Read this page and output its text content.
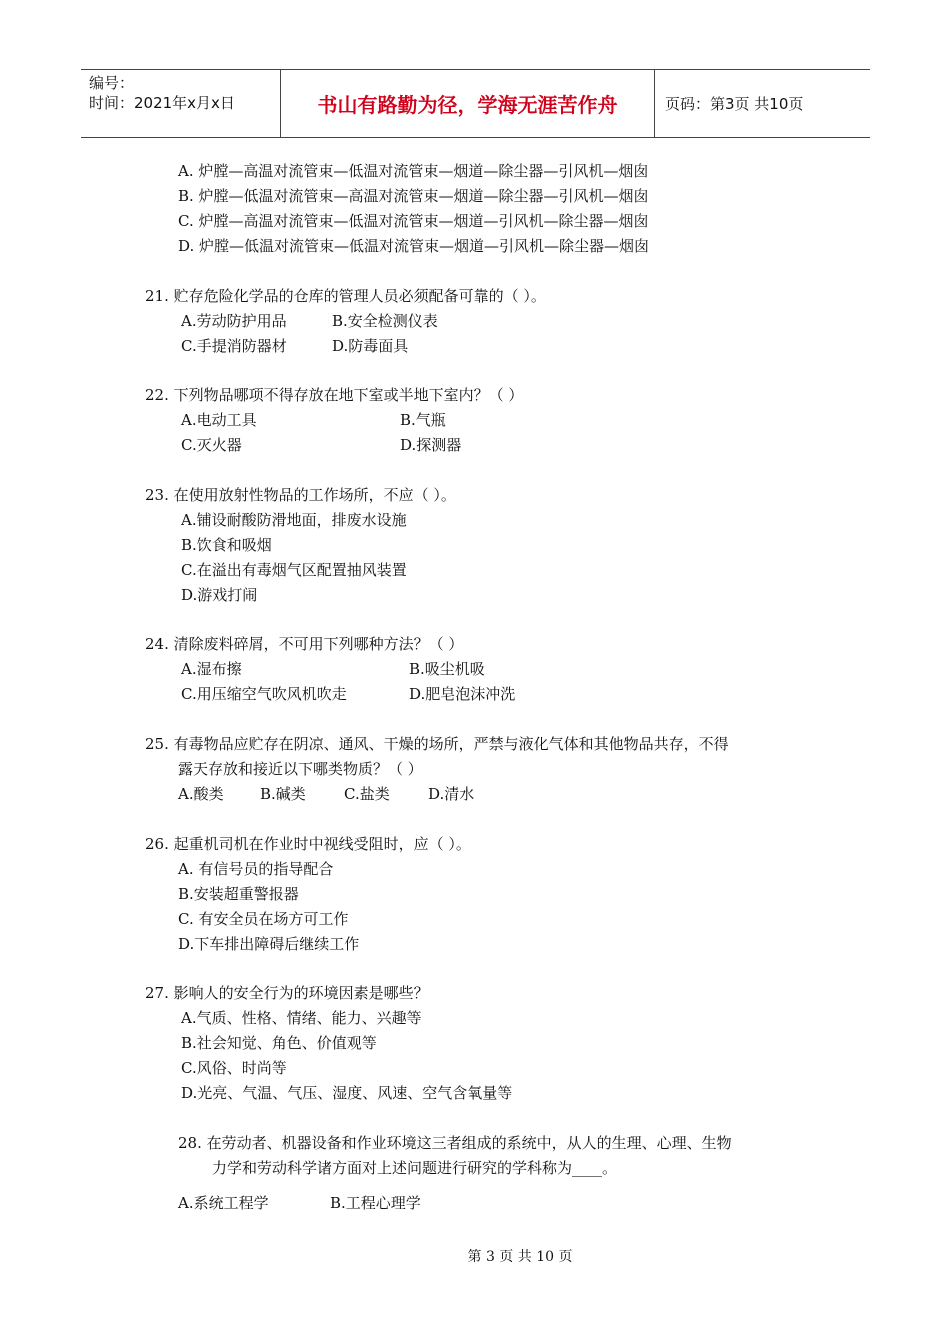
编号：
时间：2021年x月x日	书山有路勤为径，学海无涯苦作舟	页码：第3页 共10页
A. 炉膛—高温对流管束—低温对流管束—烟道—除尘器—引风机—烟囱
B. 炉膛—低温对流管束—高温对流管束—烟道—除尘器—引风机—烟囱
C. 炉膛—高温对流管束—低温对流管束—烟道—引风机—除尘器—烟囱
D. 炉膛—低温对流管束—低温对流管束—烟道—引风机—除尘器—烟囱
21. 贮存危险化学品的仓库的管理人员必须配备可靠的（ ）。
A.劳动防护用品	B.安全检测仪表
C.手提消防器材	D.防毒面具
22. 下列物品哪项不得存放在地下室或半地下室内？（ ）
A.电动工具	B.气瓶
C.灭火器	D.探测器
23. 在使用放射性物品的工作场所，不应（ ）。
A.铺设耐酸防滑地面，排废水设施
B.饮食和吸烟
C.在溢出有毒烟气区配置抽风装置
D.游戏打闹
24. 清除废料碎屑，不可用下列哪种方法？（ ）
A.湿布擦	B.吸尘机吸
C.用压缩空气吹风机吹走	D.肥皂泡沫冲洗
25. 有毒物品应贮存在阴凉、通风、干燥的场所，严禁与液化气体和其他物品共存，不得
露天存放和接近以下哪类物质？（ ）
A.酸类 B.碱类	C.盐类	D.清水
26. 起重机司机在作业时中视线受阻时，应（ ）。
A. 有信号员的指导配合
B.安装超重警报器
C. 有安全员在场方可工作
D.下车排出障碍后继续工作
27. 影响人的安全行为的环境因素是哪些？
A.气质、性格、情绪、能力、兴趣等
B.社会知觉、角色、价值观等
C.风俗、时尚等
D.光亮、气温、气压、湿度、风速、空气含氧量等
28. 在劳动者、机器设备和作业环境这三者组成的系统中，从人的生理、心理、生物
力学和劳动科学诸方面对上述问题进行研究的学科称为____。
A.系统工程学	B.工程心理学
第 3 页 共 10 页
